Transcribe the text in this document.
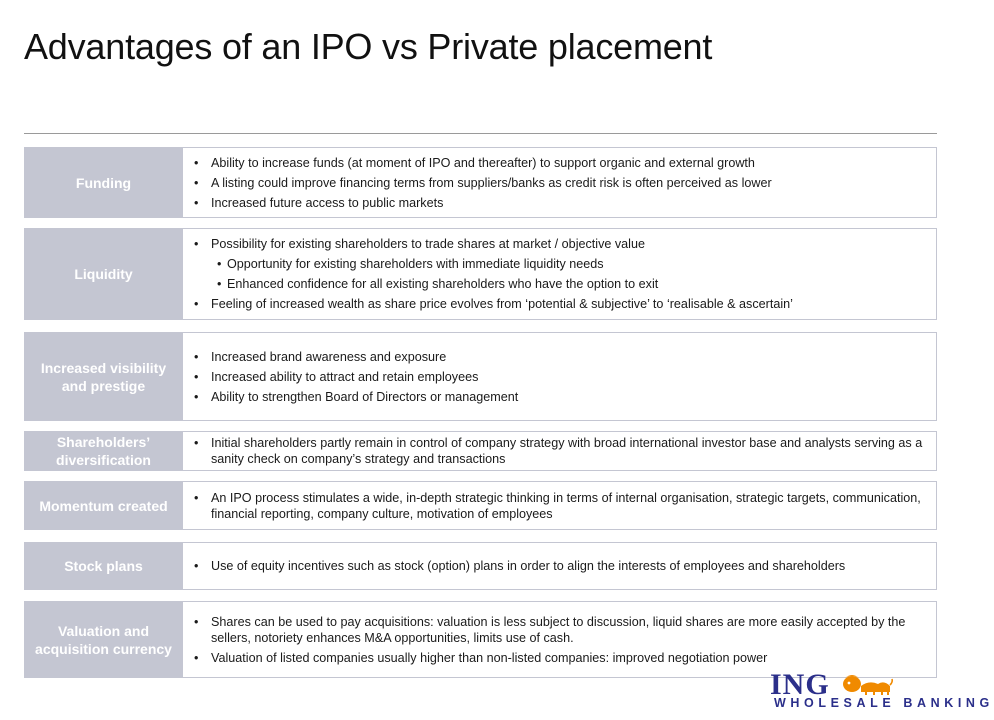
Advantages of an IPO vs Private placement
Funding
• Ability to increase funds (at moment of IPO and thereafter) to support organic and external growth
• A listing could improve financing terms from suppliers/banks as credit risk is often perceived as lower
• Increased future access to public markets
Liquidity
• Possibility for existing shareholders to trade shares at market / objective value
• Opportunity for existing shareholders with immediate liquidity needs
• Enhanced confidence for all existing shareholders who have the option to exit
• Feeling of increased wealth as share price evolves from ‘potential & subjective’ to ‘realisable & ascertain’
Increased visibility and prestige
• Increased brand awareness and exposure
• Increased ability to attract and retain employees
• Ability to strengthen Board of Directors or management
Shareholders’ diversification
• Initial shareholders partly remain in control of company strategy with broad international investor base and analysts serving as a sanity check on company’s strategy and transactions
Momentum created	• An IPO process stimulates a wide, in-depth strategic thinking in terms of internal organisation, strategic targets, communication, financial reporting, company culture, motivation of employees
Stock plans	• Use of equity incentives such as stock (option) plans in order to align the interests of employees and shareholders
Valuation and acquisition currency
• Shares can be used to pay acquisitions: valuation is less subject to discussion, liquid shares are more easily accepted by the sellers, notoriety enhances M&A opportunities, limits use of cash.
• Valuation of listed companies usually higher than non-listed companies: improved negotiation power
ING
WHOLESALE BANKING
